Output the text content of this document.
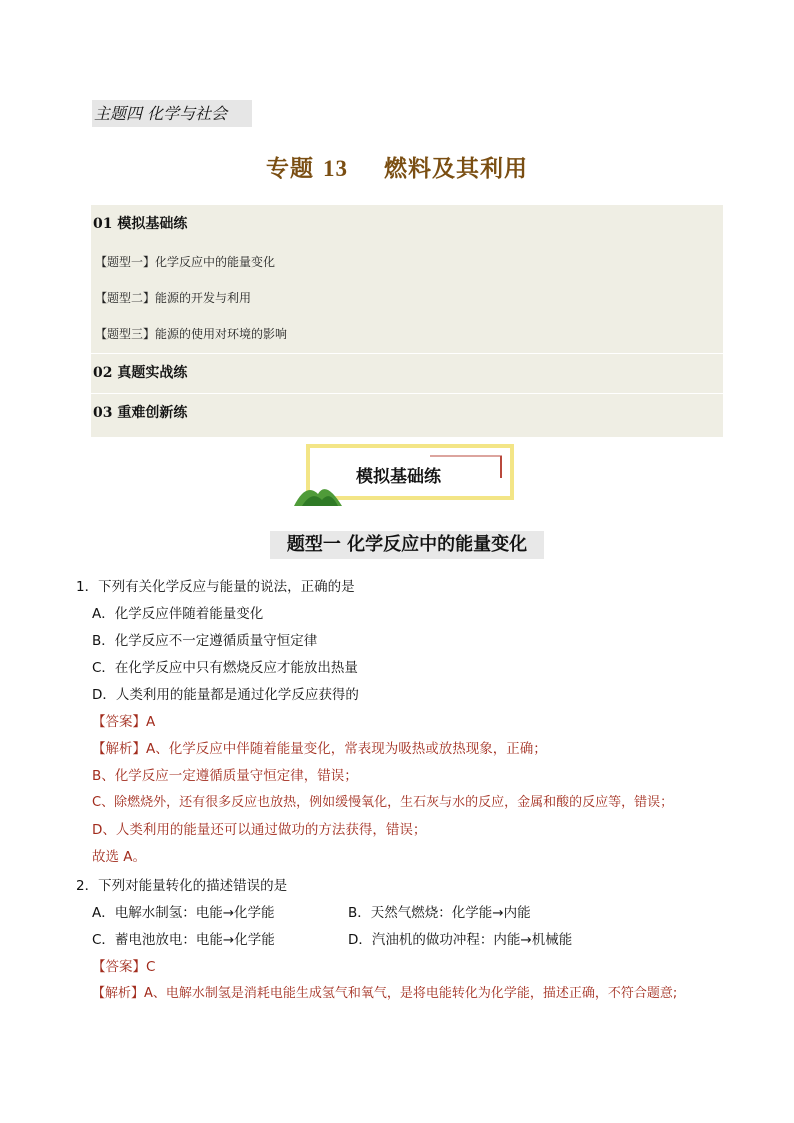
主题四 化学与社会
专题 13 燃料及其利用
01 模拟基础练
【题型一】化学反应中的能量变化
【题型二】能源的开发与利用
【题型三】能源的使用对环境的影响
02 真题实战练
03 重难创新练
模拟基础练
题型一 化学反应中的能量变化
1．下列有关化学反应与能量的说法，正确的是
A．化学反应伴随着能量变化
B．化学反应不一定遵循质量守恒定律
C．在化学反应中只有燃烧反应才能放出热量
D．人类利用的能量都是通过化学反应获得的
【答案】A
【解析】A、化学反应中伴随着能量变化，常表现为吸热或放热现象，正确；
B、化学反应一定遵循质量守恒定律，错误；
C、除燃烧外，还有很多反应也放热，例如缓慢氧化，生石灰与水的反应，金属和酸的反应等，错误；
D、人类利用的能量还可以通过做功的方法获得，错误；
故选 A。
2．下列对能量转化的描述错误的是
A．电解水制氢：电能→化学能	B．天然气燃烧：化学能→内能
C．蓄电池放电：电能→化学能	D．汽油机的做功冲程：内能→机械能
【答案】C
【解析】A、电解水制氢是消耗电能生成氢气和氧气，是将电能转化为化学能，描述正确，不符合题意;
